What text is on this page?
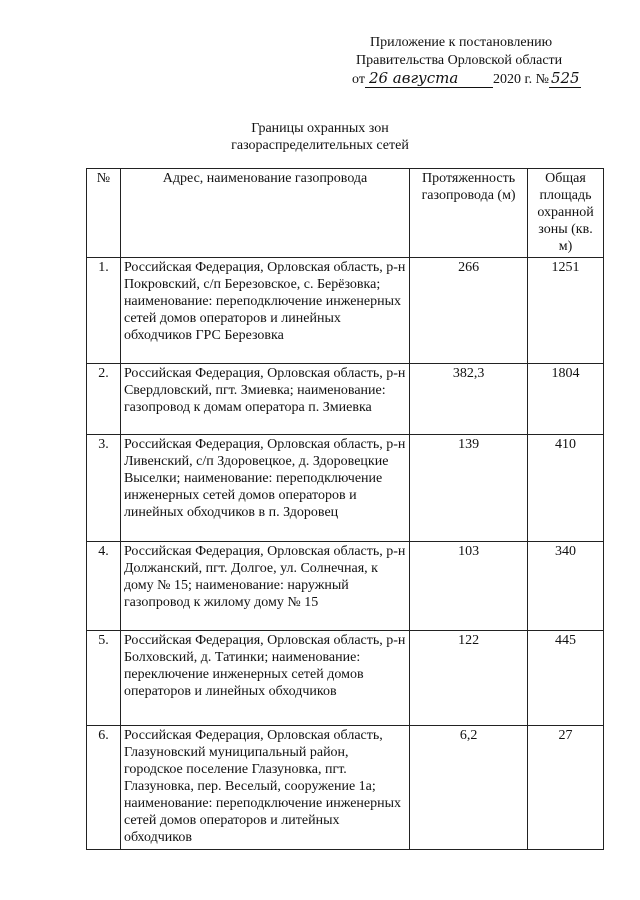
Приложение к постановлению
Правительства Орловской области
от 26 августа	2020 г. № 525
Границы охранных зон
газораспределительных сетей
№	Адрес, наименование газопровода	Протяженность газопровода (м)	Общая площадь охранной зоны (кв. м)
1.	Российская Федерация, Орловская область, р-н Покровский, с/п Березовское, с. Берёзовка; наименование: переподключение инженерных сетей домов операторов и линейных обходчиков ГРС Березовка	266	1251
2.	Российская Федерация, Орловская область, р-н Свердловский, пгт. Змиевка; наименование: газопровод к домам оператора п. Змиевка	382,3	1804
3.	Российская Федерация, Орловская область, р-н Ливенский, с/п Здоровецкое, д. Здоровецкие Выселки; наименование: переподключение инженерных сетей домов операторов и линейных обходчиков в п. Здоровец	139	410
4.	Российская Федерация, Орловская область, р-н Должанский, пгт. Долгое, ул. Солнечная, к дому № 15; наименование: наружный газопровод к жилому дому № 15	103	340
5.	Российская Федерация, Орловская область, р-н Болховский, д. Татинки; наименование: переключение инженерных сетей домов операторов и линейных обходчиков	122	445
6.	Российская Федерация, Орловская область, Глазуновский муниципальный район, городское поселение Глазуновка, пгт. Глазуновка, пер. Веселый, сооружение 1а; наименование: переподключение инженерных сетей домов операторов и литейных обходчиков	6,2	27
